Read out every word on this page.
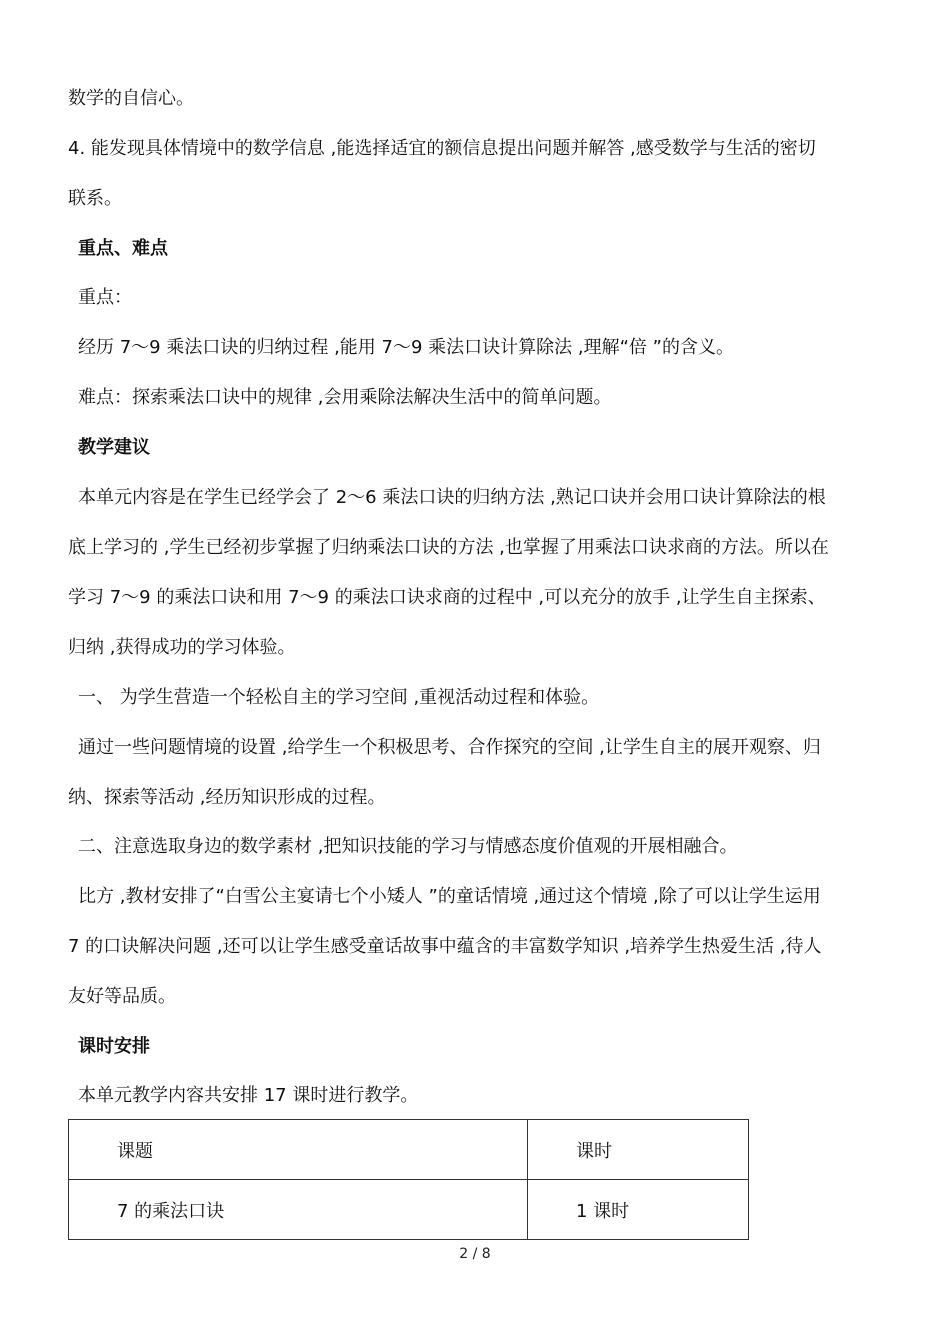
数学的自信心。
4. 能发现具体情境中的数学信息 ,能选择适宜的额信息提出问题并解答 ,感受数学与生活的密切
联系。
重点、难点
重点：
经历 7～9 乘法口诀的归纳过程 ,能用 7～9 乘法口诀计算除法 ,理解“倍 ”的含义。
难点：探索乘法口诀中的规律 ,会用乘除法解决生活中的简单问题。
教学建议
本单元内容是在学生已经学会了 2～6 乘法口诀的归纳方法 ,熟记口诀并会用口诀计算除法的根
底上学习的 ,学生已经初步掌握了归纳乘法口诀的方法 ,也掌握了用乘法口诀求商的方法。所以在
学习 7～9 的乘法口诀和用 7～9 的乘法口诀求商的过程中 ,可以充分的放手 ,让学生自主探索、
归纳 ,获得成功的学习体验。
一、 为学生营造一个轻松自主的学习空间 ,重视活动过程和体验。
通过一些问题情境的设置 ,给学生一个积极思考、合作探究的空间 ,让学生自主的展开观察、归
纳、探索等活动 ,经历知识形成的过程。
二、注意选取身边的数学素材 ,把知识技能的学习与情感态度价值观的开展相融合。
比方 ,教材安排了“白雪公主宴请七个小矮人 ”的童话情境 ,通过这个情境 ,除了可以让学生运用
7 的口诀解决问题 ,还可以让学生感受童话故事中蕴含的丰富数学知识 ,培养学生热爱生活 ,待人
友好等品质。
课时安排
本单元教学内容共安排 17 课时进行教学。
课题	课时
7 的乘法口诀	1 课时
2 / 8
